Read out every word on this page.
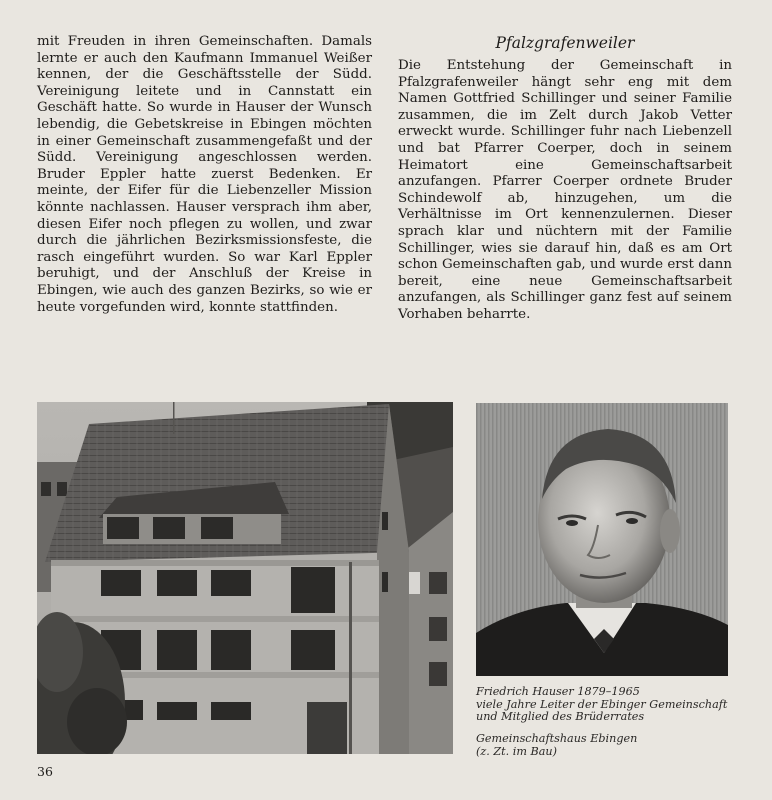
mit Freuden in ihren Gemeinschaften. Damals lernte er auch den Kaufmann Immanuel Weißer kennen, der die Geschäftsstelle der Südd. Vereinigung leitete und in Cannstatt ein Geschäft hatte. So wurde in Hauser der Wunsch lebendig, die Gebetskreise in Ebingen möchten in einer Gemeinschaft zusammengefaßt und der Südd. Vereinigung angeschlossen werden. Bruder Eppler hatte zuerst Bedenken. Er meinte, der Eifer für die Liebenzeller Mission könnte nachlassen. Hauser versprach ihm aber, diesen Eifer noch pflegen zu wollen, und zwar durch die jährlichen Bezirksmissionsfeste, die rasch eingeführt wurden. So war Karl Eppler beruhigt, und der Anschluß der Kreise in Ebingen, wie auch des ganzen Bezirks, so wie er heute vorgefunden wird, konnte stattfinden.

Pfalzgrafenweiler

Die Entstehung der Gemeinschaft in Pfalzgrafenweiler hängt sehr eng mit dem Namen Gottfried Schillinger und seiner Familie zusammen, die im Zelt durch Jakob Vetter erweckt wurde. Schillinger fuhr nach Liebenzell und bat Pfarrer Coerper, doch in seinem Heimatort eine Gemeinschaftsarbeit anzufangen. Pfarrer Coerper ordnete Bruder Schindewolf ab, hinzugehen, um die Verhältnisse im Ort kennenzulernen. Dieser sprach klar und nüchtern mit der Familie Schillinger, wies sie darauf hin, daß es am Ort schon Gemeinschaften gab, und wurde erst dann bereit, eine neue Gemeinschaftsarbeit anzufangen, als Schillinger ganz fest auf seinem Vorhaben beharrte.

Friedrich Hauser 1879–1965
viele Jahre Leiter der Ebinger Gemeinschaft
und Mitglied des Brüderrates
Gemeinschaftshaus Ebingen
(z. Zt. im Bau)
36
